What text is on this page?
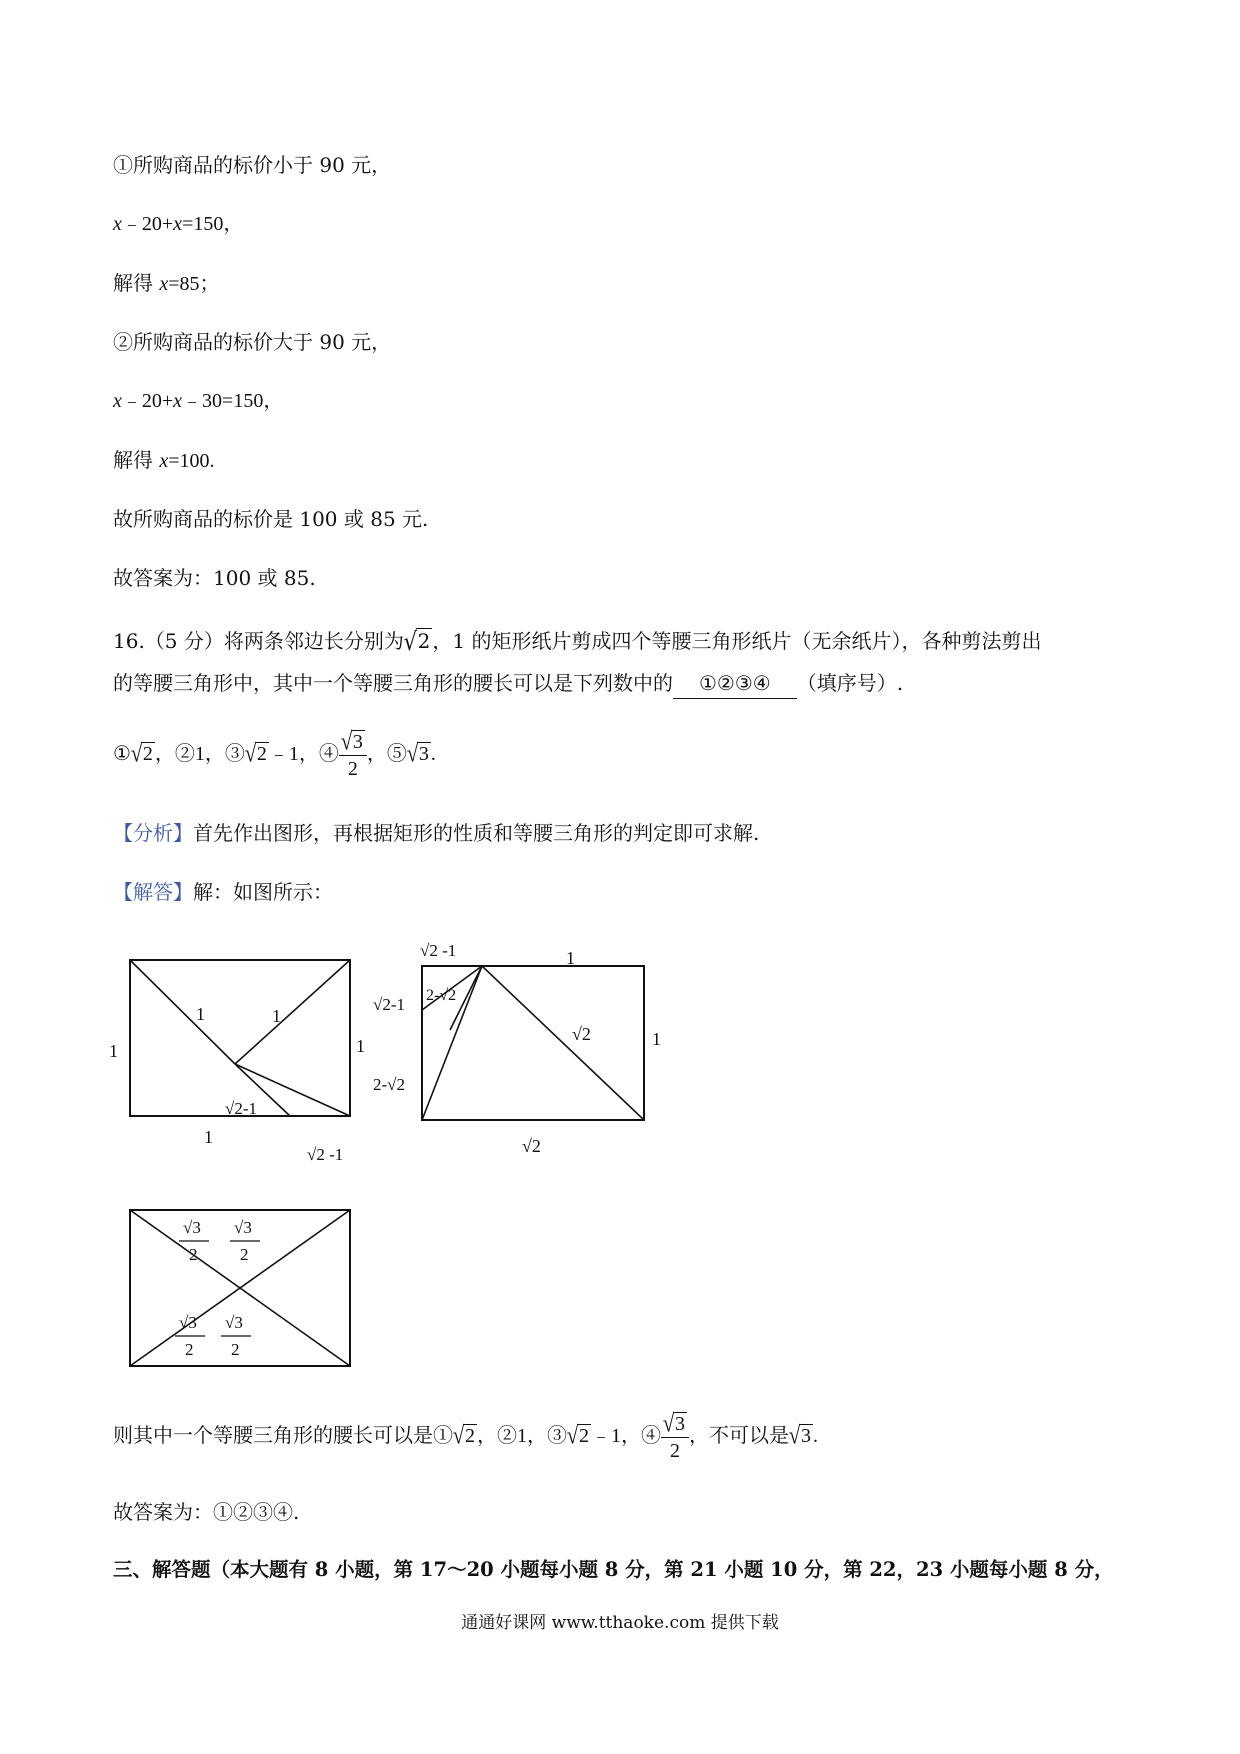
①所购商品的标价小于 90 元，
x﹣20+x=150，
解得 x=85；
②所购商品的标价大于 90 元，
x﹣20+x﹣30=150，
解得 x=100.
故所购商品的标价是 100 或 85 元.
故答案为：100 或 85.
16.（5 分）将两条邻边长分别为√2 ，1 的矩形纸片剪成四个等腰三角形纸片（无余纸片），各种剪法剪出
的等腰三角形中，其中一个等腰三角形的腰长可以是下列数中的 ①②③④ （填序号）.
①√2 ，②1，③√2 ﹣1，④ $\frac{√3}{2}$ ，⑤√3 .
【分析】首先作出图形，再根据矩形的性质和等腰三角形的判定即可求解.
【解答】解：如图所示：
1	1
1	1
√2-1
1
√2 -1
√2 -1	1
2-√2
√2-1
√2	1
2-√2
√2
√3
2
√3
2
√3
2
√3
2
则其中一个等腰三角形的腰长可以是①√2 ，②1，③√2 ﹣1，④ $\frac{√3}{2}$ ，不可以是√3 .
故答案为：①②③④.
三、解答题（本大题有 8 小题，第 17～20 小题每小题 8 分，第 21 小题 10 分，第 22，23 小题每小题 8 分，
通通好课网 www.tthaoke.com 提供下载
